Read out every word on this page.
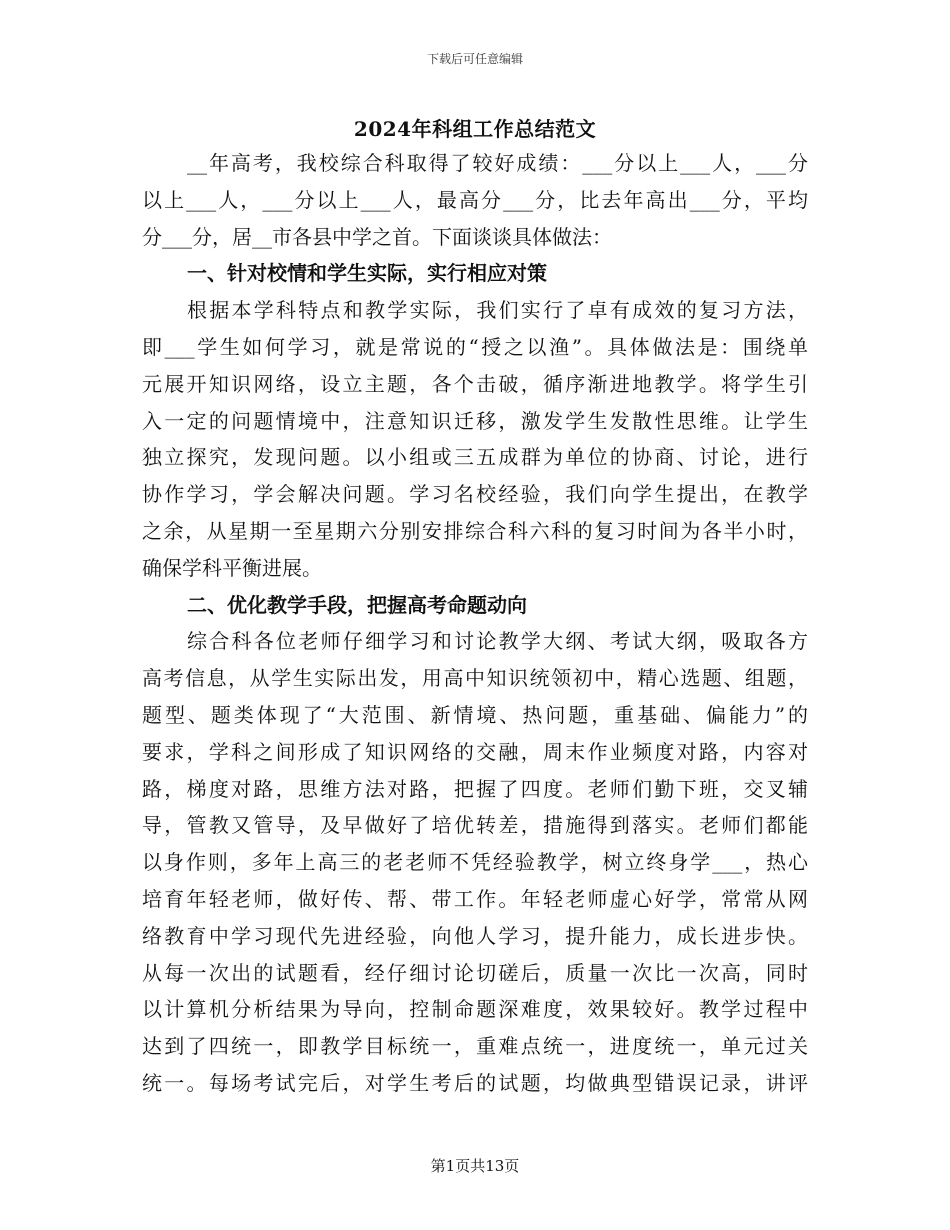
下载后可任意编辑
2024年科组工作总结范文
__年高考，我校综合科取得了较好成绩：___分以上___人，___分
以上___人，___分以上___人，最高分___分，比去年高出___分，平均
分___分，居__市各县中学之首。下面谈谈具体做法：
一、针对校情和学生实际，实行相应对策
根据本学科特点和教学实际，我们实行了卓有成效的复习方法，
即___学生如何学习，就是常说的“授之以渔”。具体做法是：围绕单
元展开知识网络，设立主题，各个击破，循序渐进地教学。将学生引
入一定的问题情境中，注意知识迁移，激发学生发散性思维。让学生
独立探究，发现问题。以小组或三五成群为单位的协商、讨论，进行
协作学习，学会解决问题。学习名校经验，我们向学生提出，在教学
之余，从星期一至星期六分别安排综合科六科的复习时间为各半小时，
确保学科平衡进展。
二、优化教学手段，把握高考命题动向
综合科各位老师仔细学习和讨论教学大纲、考试大纲，吸取各方
高考信息，从学生实际出发，用高中知识统领初中，精心选题、组题，
题型、题类体现了“大范围、新情境、热问题，重基础、偏能力”的
要求，学科之间形成了知识网络的交融，周末作业频度对路，内容对
路，梯度对路，思维方法对路，把握了四度。老师们勤下班，交叉辅
导，管教又管导，及早做好了培优转差，措施得到落实。老师们都能
以身作则，多年上高三的老老师不凭经验教学，树立终身学___，热心
培育年轻老师，做好传、帮、带工作。年轻老师虚心好学，常常从网
络教育中学习现代先进经验，向他人学习，提升能力，成长进步快。
从每一次出的试题看，经仔细讨论切磋后，质量一次比一次高，同时
以计算机分析结果为导向，控制命题深难度，效果较好。教学过程中
达到了四统一，即教学目标统一，重难点统一，进度统一，单元过关
统一。每场考试完后，对学生考后的试题，均做典型错误记录，讲评
第1页共13页
